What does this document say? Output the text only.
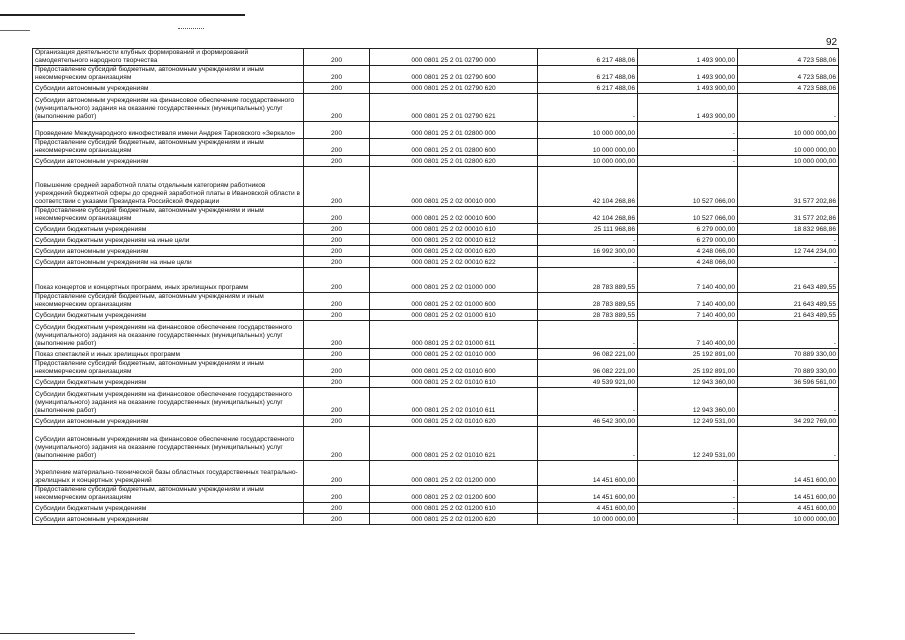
92
Организация деятельности клубных формирований и формирований самодеятельного народного творчества	200	000 0801 25 2 01 02790 000	6 217 488,06	1 493 900,00	4 723 588,06
Предоставление субсидий бюджетным, автономным учреждениям и иным некоммерческим организациям	200	000 0801 25 2 01 02790 600	6 217 488,06	1 493 900,00	4 723 588,06
Субсидии автономным учреждениям	200	000 0801 25 2 01 02790 620	6 217 488,06	1 493 900,00	4 723 588,06
Субсидии автономным учреждениям на финансовое обеспечение государственного (муниципального) задания на оказание государственных (муниципальных) услуг (выполнение работ)	200	000 0801 25 2 01 02790 621	-	1 493 900,00	-
Проведение Международного кинофестиваля имени Андрея Тарковского «Зеркало»	200	000 0801 25 2 01 02800 000	10 000 000,00	-	10 000 000,00
Предоставление субсидий бюджетным, автономным учреждениям и иным некоммерческим организациям	200	000 0801 25 2 01 02800 600	10 000 000,00	-	10 000 000,00
Субсидии автономным учреждениям	200	000 0801 25 2 01 02800 620	10 000 000,00	-	10 000 000,00
Повышение средней заработной платы отдельным категориям работников учреждений бюджетной сферы до средней заработной платы в Ивановской области в соответствии с указами Президента Российской Федерации	200	000 0801 25 2 02 00010 000	42 104 268,86	10 527 066,00	31 577 202,86
Предоставление субсидий бюджетным, автономным учреждениям и иным некоммерческим организациям	200	000 0801 25 2 02 00010 600	42 104 268,86	10 527 066,00	31 577 202,86
Субсидии бюджетным учреждениям	200	000 0801 25 2 02 00010 610	25 111 968,86	6 279 000,00	18 832 968,86
Субсидии бюджетным учреждениям на иные цели	200	000 0801 25 2 02 00010 612	-	6 279 000,00	-
Субсидии автономным учреждениям	200	000 0801 25 2 02 00010 620	16 992 300,00	4 248 066,00	12 744 234,00
Субсидии автономным учреждениям на иные цели	200	000 0801 25 2 02 00010 622	-	4 248 066,00	-
Показ концертов и концертных программ, иных зрелищных программ	200	000 0801 25 2 02 01000 000	28 783 889,55	7 140 400,00	21 643 489,55
Предоставление субсидий бюджетным, автономным учреждениям и иным некоммерческим организациям	200	000 0801 25 2 02 01000 600	28 783 889,55	7 140 400,00	21 643 489,55
Субсидии бюджетным учреждениям	200	000 0801 25 2 02 01000 610	28 783 889,55	7 140 400,00	21 643 489,55
Субсидии бюджетным учреждениям на финансовое обеспечение государственного (муниципального) задания на оказание государственных (муниципальных) услуг (выполнение работ)	200	000 0801 25 2 02 01000 611	-	7 140 400,00	-
Показ спектаклей и иных зрелищных программ	200	000 0801 25 2 02 01010 000	96 082 221,00	25 192 891,00	70 889 330,00
Предоставление субсидий бюджетным, автономным учреждениям и иным некоммерческим организациям	200	000 0801 25 2 02 01010 600	96 082 221,00	25 192 891,00	70 889 330,00
Субсидии бюджетным учреждениям	200	000 0801 25 2 02 01010 610	49 539 921,00	12 943 360,00	36 596 561,00
Субсидии бюджетным учреждениям на финансовое обеспечение государственного (муниципального) задания на оказание государственных (муниципальных) услуг (выполнение работ)	200	000 0801 25 2 02 01010 611	-	12 943 360,00	-
Субсидии автономным учреждениям	200	000 0801 25 2 02 01010 620	46 542 300,00	12 249 531,00	34 292 769,00
Субсидии автономным учреждениям на финансовое обеспечение государственного (муниципального) задания на оказание государственных (муниципальных) услуг (выполнение работ)	200	000 0801 25 2 02 01010 621	-	12 249 531,00	-
Укрепление материально-технической базы областных государственных театрально-зрелищных и концертных учреждений	200	000 0801 25 2 02 01200 000	14 451 600,00	-	14 451 600,00
Предоставление субсидий бюджетным, автономным учреждениям и иным некоммерческим организациям	200	000 0801 25 2 02 01200 600	14 451 600,00	-	14 451 600,00
Субсидии бюджетным учреждениям	200	000 0801 25 2 02 01200 610	4 451 600,00	-	4 451 600,00
Субсидии автономным учреждениям	200	000 0801 25 2 02 01200 620	10 000 000,00	-	10 000 000,00
